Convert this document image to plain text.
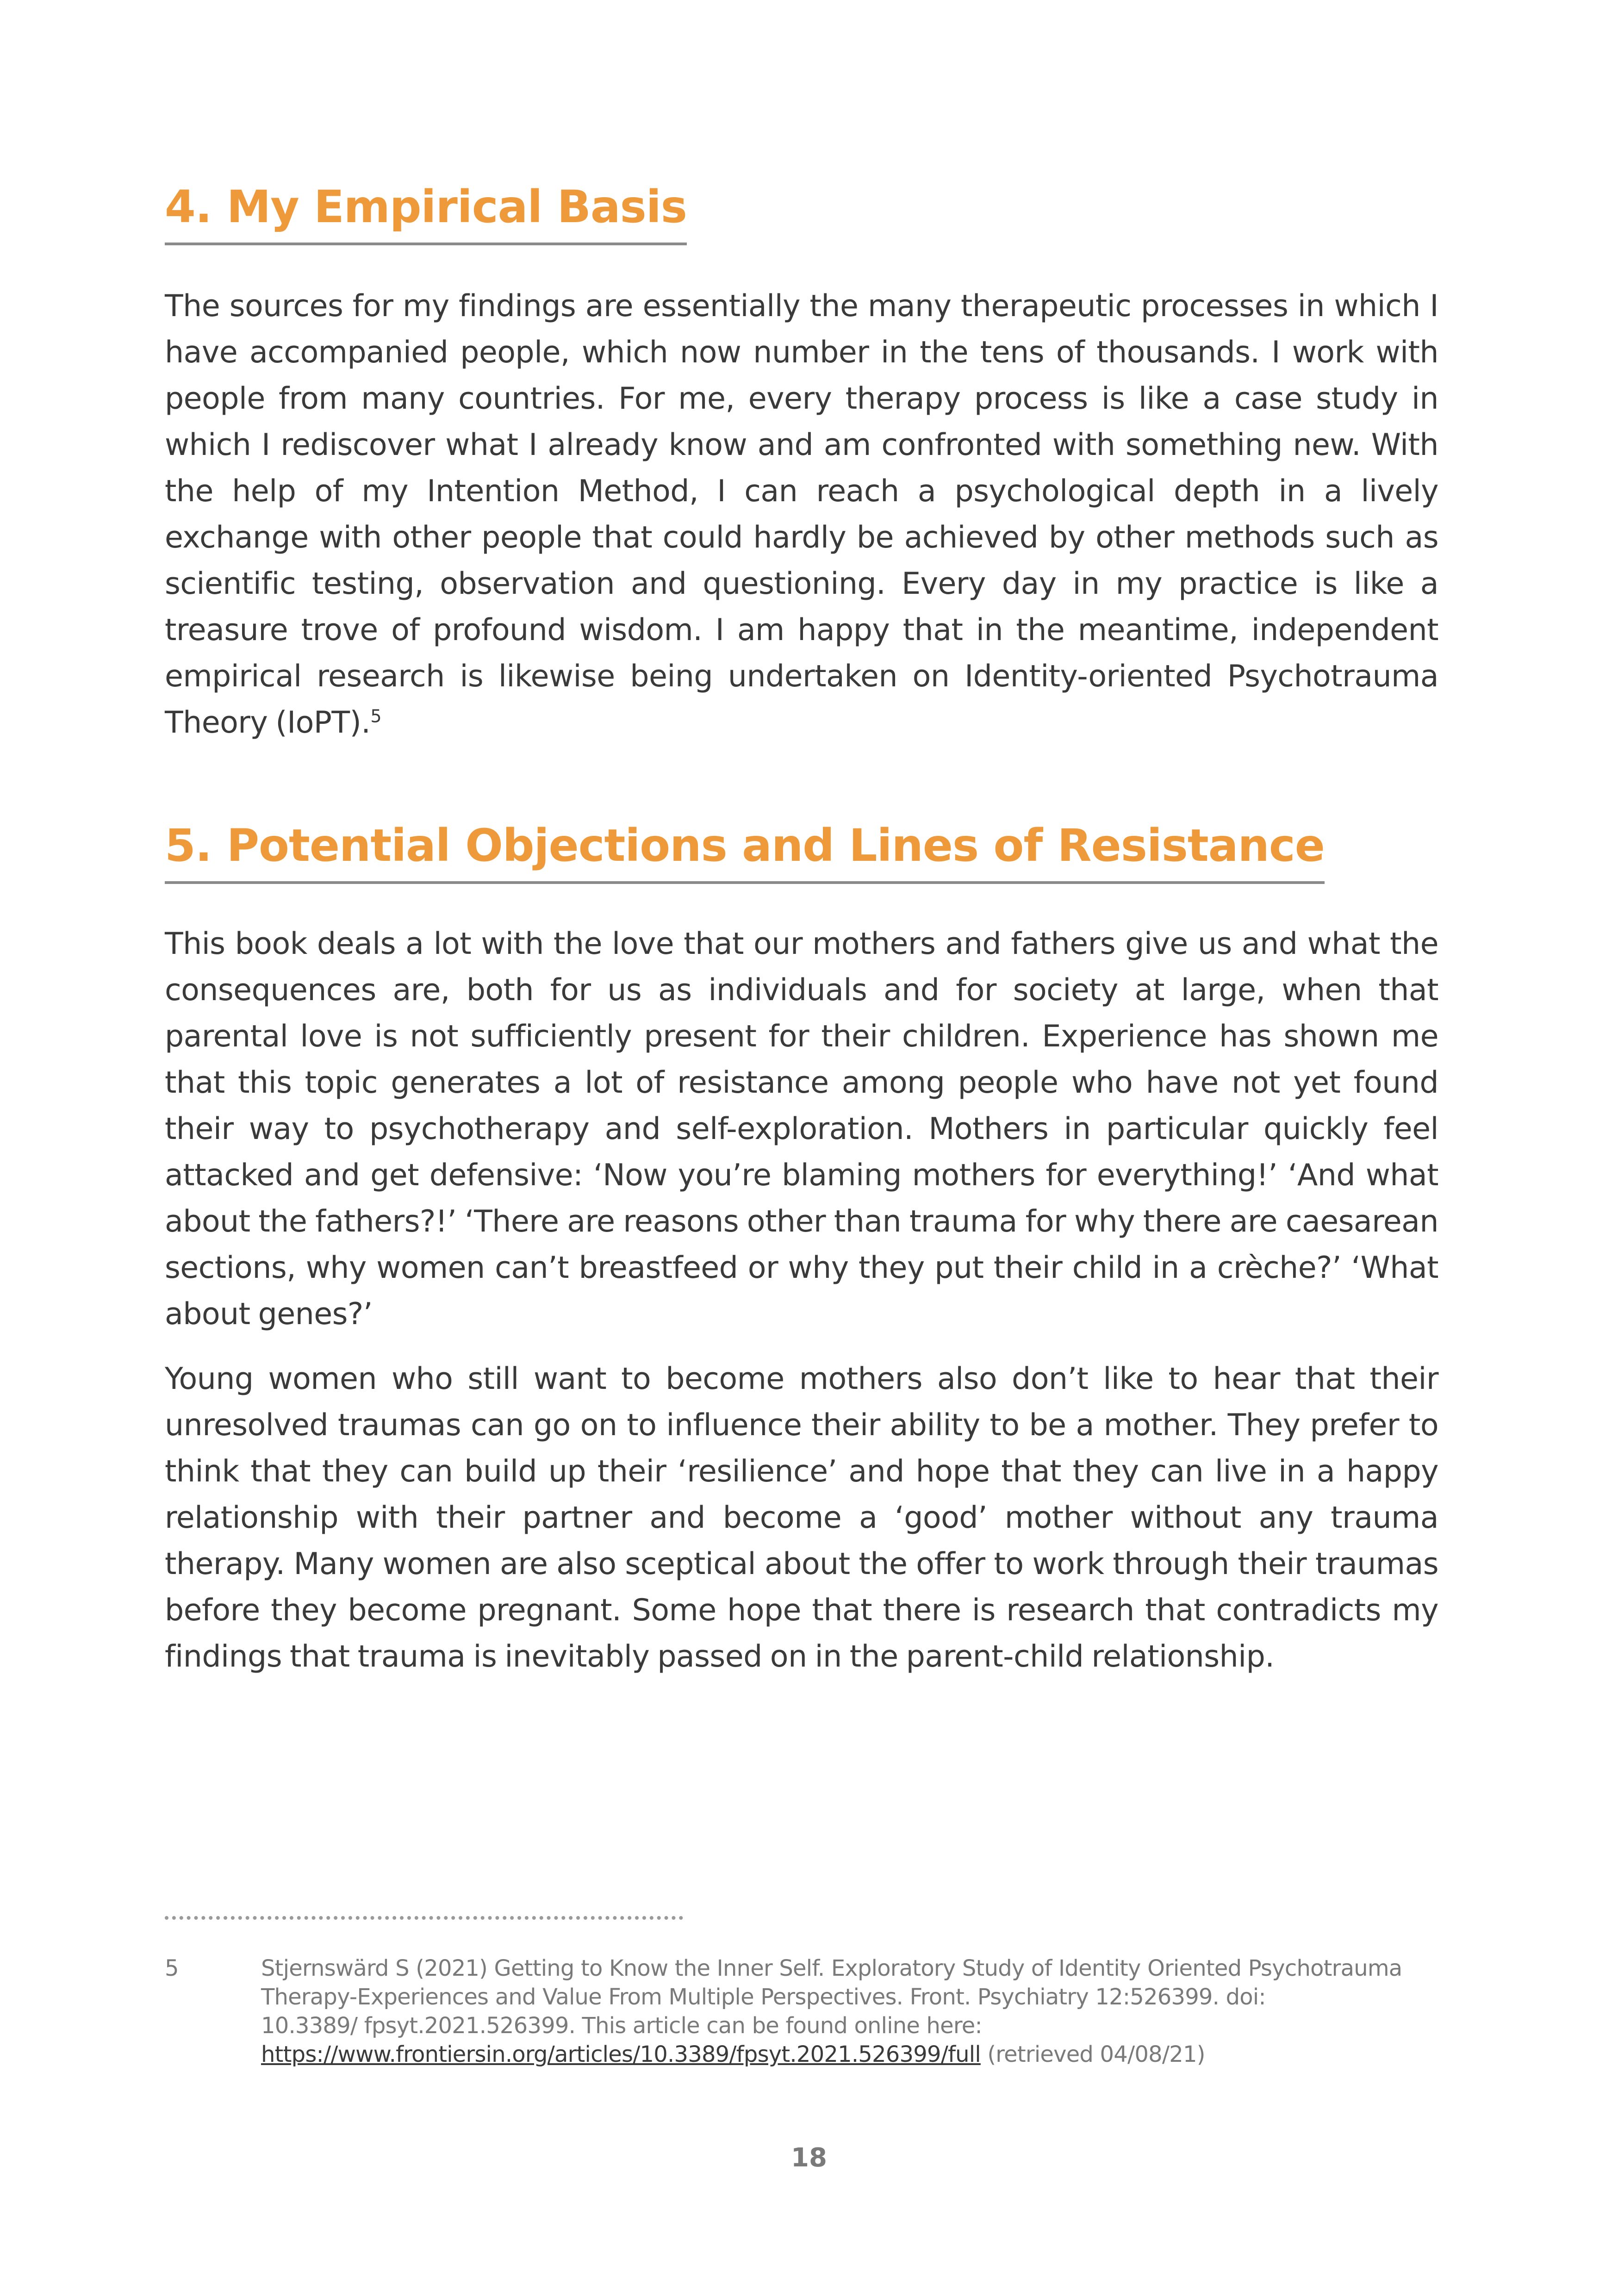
4. My Empirical Basis

The sources for my findings are essentially the many therapeutic processes in which I have accompanied people, which now number in the tens of thousands. I work with people from many countries. For me, every therapy process is like a case study in which I rediscover what I already know and am confronted with something new. With the help of my Intention Method, I can reach a psychological depth in a lively exchange with other people that could hardly be achieved by other methods such as scientific testing, observation and questioning. Every day in my practice is like a treasure trove of profound wisdom. I am happy that in the meantime, independent empirical research is likewise being undertaken on Identity-oriented Psychotrauma Theory (IoPT).$^5$

5. Potential Objections and Lines of Resistance

This book deals a lot with the love that our mothers and fathers give us and what the consequences are, both for us as individuals and for society at large, when that parental love is not sufficiently present for their children. Experience has shown me that this topic generates a lot of resistance among people who have not yet found their way to psychotherapy and self-exploration. Mothers in particular quickly feel attacked and get defensive: ‘Now you’re blaming mothers for everything!’ ‘And what about the fathers?!’ ‘There are reasons other than trauma for why there are caesarean sections, why women can’t breastfeed or why they put their child in a crèche?’ ‘What about genes?’

Young women who still want to become mothers also don’t like to hear that their unresolved traumas can go on to influence their ability to be a mother. They prefer to think that they can build up their ‘resilience’ and hope that they can live in a happy relationship with their partner and become a ‘good’ mother without any trauma therapy. Many women are also sceptical about the offer to work through their traumas before they become pregnant. Some hope that there is research that contradicts my findings that trauma is inevitably passed on in the parent-child relationship.

5	Stjernswärd S (2021) Getting to Know the Inner Self. Exploratory Study of Identity Oriented Psychotrauma
Therapy-Experiences and Value From Multiple Perspectives. Front. Psychiatry 12:526399. doi:
10.3389/ fpsyt.2021.526399. This article can be found online here:
https://www.frontiersin.org/articles/10.3389/fpsyt.2021.526399/full (retrieved 04/08/21)
18
